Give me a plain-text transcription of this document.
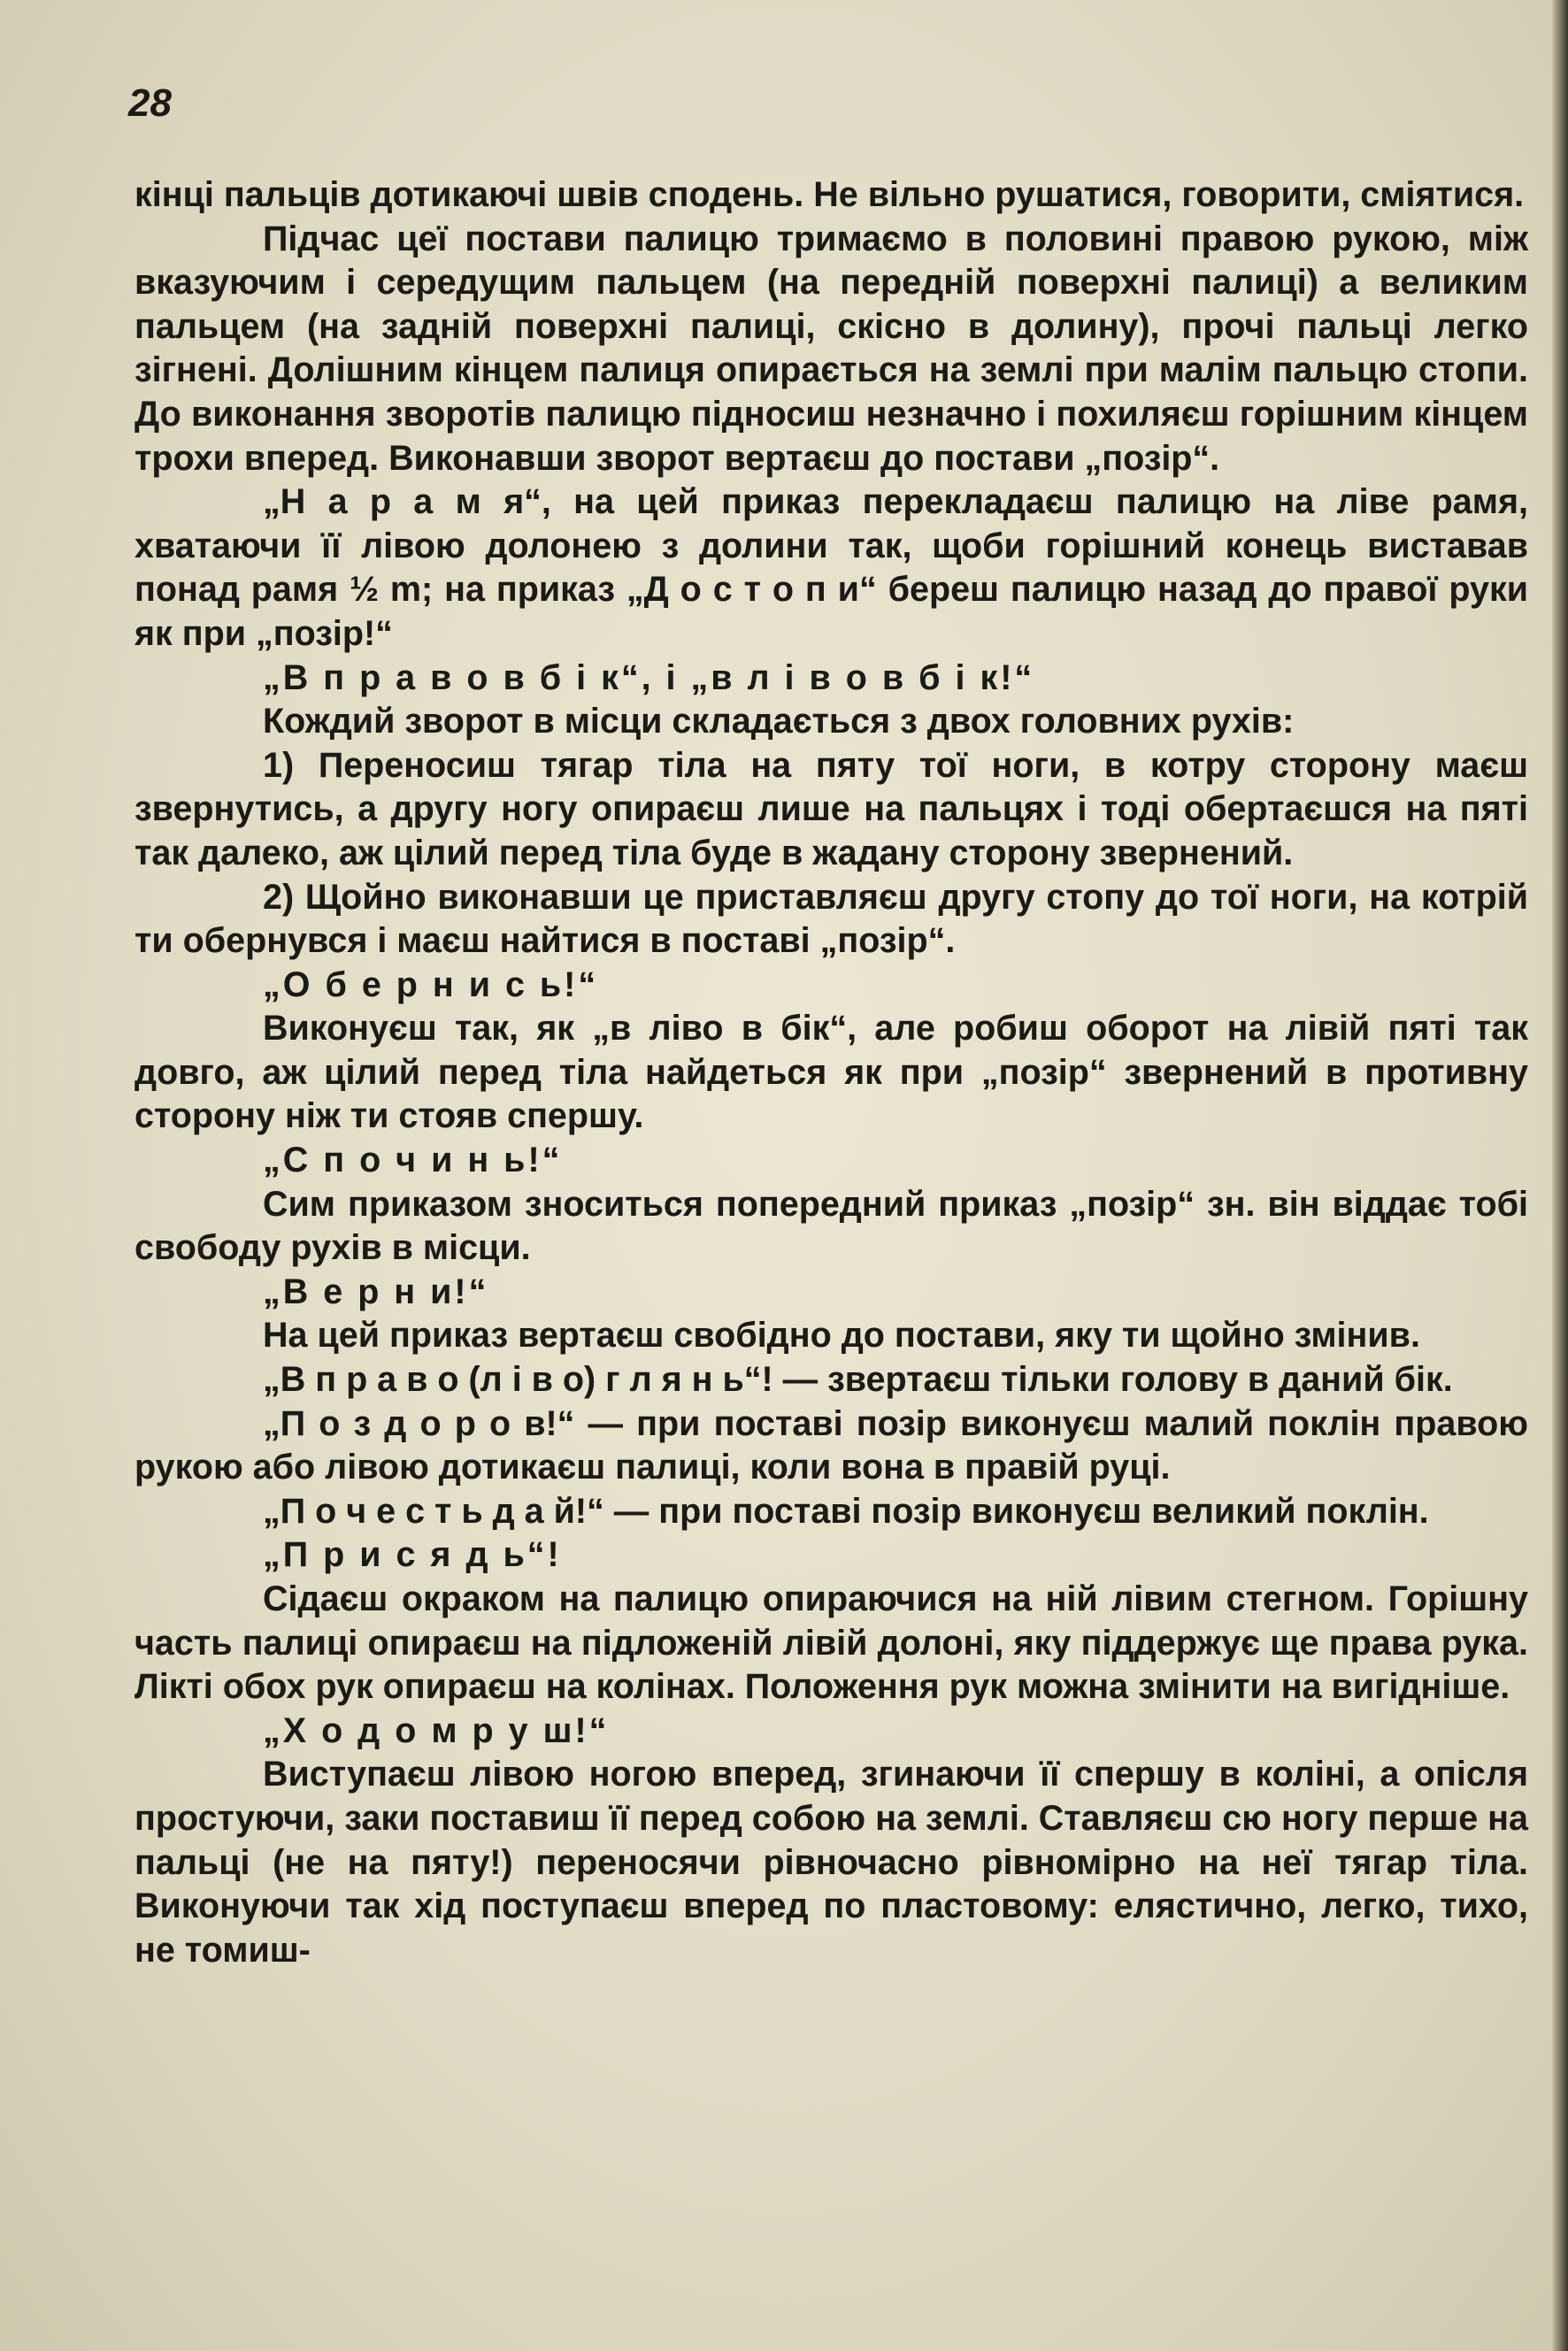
28

кінці пальців дотикаючі швів сподень. Не вільно рушатися, говорити, сміятися.

Підчас цеї постави палицю тримаємо в половині правою рукою, між вказуючим і середущим пальцем (на передній поверхні палиці) а великим пальцем (на задній поверхні палиці, скісно в долину), прочі пальці легко зігнені. Долішним кінцем палиця опирається на землі при малім пальцю стопи. До виконання зворотів палицю підносиш незначно і похиляєш горішним кінцем трохи вперед. Виконавши зворот вертаєш до постави „позір“.

„Н а р а м я“, на цей приказ перекладаєш палицю на ліве рамя, хватаючи її лівою долонею з долини так, щоби горішний конець виставав понад рамя ½ m; на приказ „Д о с т о п и“ береш палицю назад до правої руки як при „позір!“

„В п р а в о в б і к“, і „в л і в о в б і к!“

Кождий зворот в місци складається з двох головних рухів:

1) Переносиш тягар тіла на пяту тої ноги, в котру сторону маєш звернутись, а другу ногу опираєш лише на пальцях і тоді обертаєшся на пяті так далеко, аж цілий перед тіла буде в жадану сторону звернений.

2) Щойно виконавши це приставляєш другу стопу до тої ноги, на котрій ти обернувся і маєш найтися в поставі „позір“.

„О б е р н и с ь!“

Виконуєш так, як „в ліво в бік“, але робиш оборот на лівій пяті так довго, аж цілий перед тіла найдеться як при „позір“ звернений в противну сторону ніж ти стояв спершу.

„С п о ч и н ь!“

Сим приказом зноситься попередний приказ „позір“ зн. він віддає тобі свободу рухів в місци.

„В е р н и!“

На цей приказ вертаєш свобідно до постави, яку ти щойно змінив.

„В п р а в о (л і в о) г л я н ь“! — звертаєш тільки голову в даний бік.

„П о з д о р о в!“ — при поставі позір виконуєш малий поклін правою рукою або лівою дотикаєш палиці, коли вона в правій руці.

„П о ч е с т ь д а й!“ — при поставі позір виконуєш великий поклін.

„П р и с я д ь“!

Сідаєш окраком на палицю опираючися на ній лівим стегном. Горішну часть палиці опираєш на підложеній лівій долоні, яку піддержує ще права рука. Лікті обох рук опираєш на колінах. Положення рук можна змінити на вигідніше.

„Х о д о м р у ш!“

Виступаєш лівою ногою вперед, згинаючи її спершу в коліні, а опісля простуючи, заки поставиш її перед собою на землі. Ставляєш сю ногу перше на пальці (не на пяту!) переносячи рівночасно рівномірно на неї тягар тіла. Виконуючи так хід поступаєш вперед по пластовому: елястично, легко, тихо, не томиш-
